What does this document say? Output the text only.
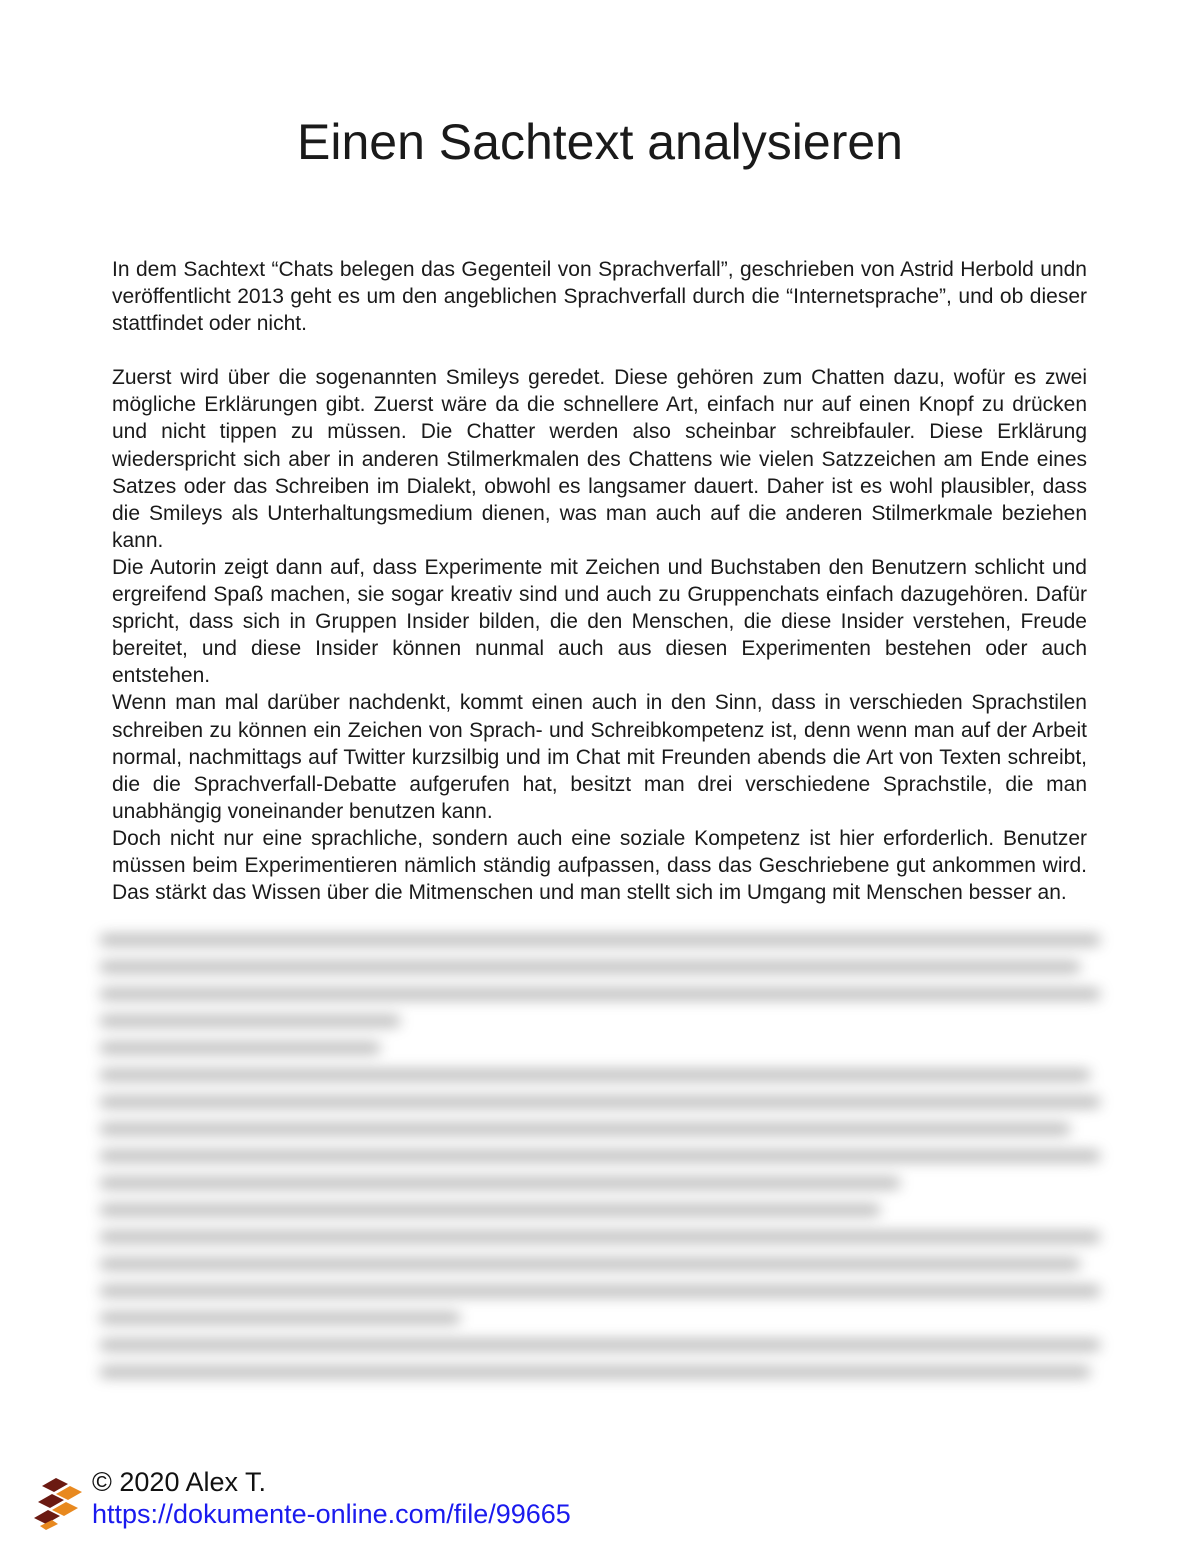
Einen Sachtext analysieren

In dem Sachtext “Chats belegen das Gegenteil von Sprachverfall”, geschrieben von Astrid Herbold undn veröffentlicht 2013 geht es um den angeblichen Sprachverfall durch die “Internetsprache”, und ob dieser stattfindet oder nicht.

Zuerst wird über die sogenannten Smileys geredet. Diese gehören zum Chatten dazu, wofür es zwei mögliche Erklärungen gibt. Zuerst wäre da die schnellere Art, einfach nur auf einen Knopf zu drücken und nicht tippen zu müssen. Die Chatter werden also scheinbar schreibfauler. Diese Erklärung wiederspricht sich aber in anderen Stilmerkmalen des Chattens wie vielen Satzzeichen am Ende eines Satzes oder das Schreiben im Dialekt, obwohl es langsamer dauert. Daher ist es wohl plausibler, dass die Smileys als Unterhaltungsmedium dienen, was man auch auf die anderen Stilmerkmale beziehen kann.

Die Autorin zeigt dann auf, dass Experimente mit Zeichen und Buchstaben den Benutzern schlicht und ergreifend Spaß machen, sie sogar kreativ sind und auch zu Gruppenchats einfach dazugehören. Dafür spricht, dass sich in Gruppen Insider bilden, die den Menschen, die diese Insider verstehen, Freude bereitet, und diese Insider können nunmal auch aus diesen Experimenten bestehen oder auch entstehen.

Wenn man mal darüber nachdenkt, kommt einen auch in den Sinn, dass in verschieden Sprachstilen schreiben zu können ein Zeichen von Sprach- und Schreibkompetenz ist, denn wenn man auf der Arbeit normal, nachmittags auf Twitter kurzsilbig und im Chat mit Freunden abends die Art von Texten schreibt, die die Sprachverfall-Debatte aufgerufen hat, besitzt man drei verschiedene Sprachstile, die man unabhängig voneinander benutzen kann.

Doch nicht nur eine sprachliche, sondern auch eine soziale Kompetenz ist hier erforderlich. Benutzer müssen beim Experimentieren nämlich ständig aufpassen, dass das Geschriebene gut ankommen wird. Das stärkt das Wissen über die Mitmenschen und man stellt sich im Umgang mit Menschen besser an.

© 2020 Alex T.
https://dokumente-online.com/file/99665
